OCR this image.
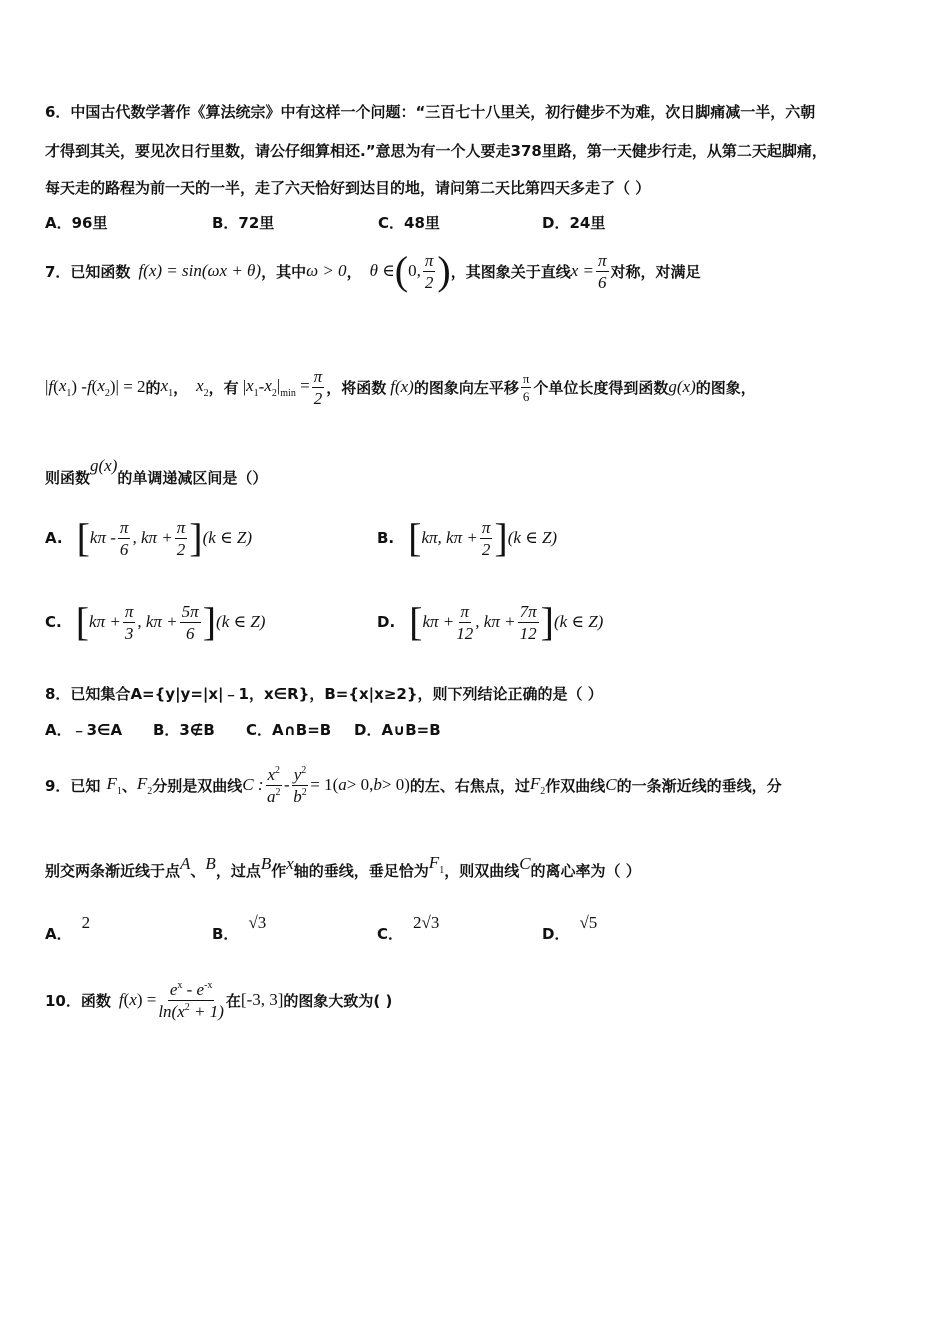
6．中国古代数学著作《算法统宗》中有这样一个问题：“三百七十八里关，初行健步不为难，次日脚痛减一半，六朝
才得到其关，要见次日行里数，请公仔细算相还.”意思为有一个人要走378里路，第一天健步行走，从第二天起脚痛，
每天走的路程为前一天的一半，走了六天恰好到达目的地，请问第二天比第四天多走了（ ）
A．96里	B．72里	C．48里	D．24里
7．已知函数 f(x) = sin(ωx + θ) ，其中 ω > 0 ， θ ∈ ( 0, $\frac{\pi}{2}$ ) ，其图象关于直线 $x = \frac{\pi}{6}$ 对称，对满足
| f ( $x_1$ ) - f ( $x_2$ )| = 2 的 $x_1$ ， $x_2$ ，有 | $x_1 - x_2$ $|_{min} = \frac{\pi}{2}$ ，将函数 f(x) 的图象向左平移 $\frac{\pi}{6}$ 个单位长度得到函数 g(x) 的图象，
则函数
g(x)
的单调递减区间是（）
A. [ kπ - $\frac{\pi}{6}$ , $k\pi + \frac{\pi}{2}$ ] (k ∈ Z)	B. [ kπ, $k\pi + \frac{\pi}{2}$ ] (k ∈ Z)
C. [ $k\pi + \frac{\pi}{3}$ , $k\pi + \frac{5\pi}{6}$ ] (k ∈ Z)	D. [ $k\pi + \frac{\pi}{12}$ , $k\pi + \frac{7\pi}{12}$ ] (k ∈ Z)
8．已知集合A={y|y=|x|﹣1，x∈R}，B={x|x≥2}，则下列结论正确的是（ ）
A．﹣3∈A B．3∉B C．A∩B=B D．A∪B=B
9．已知 $F_1$ 、 $F_2$ 分别是双曲线 C : $\frac{x^2}{a^2} - \frac{y^2}{b^2} = 1$( a > 0, b > 0) 的左、右焦点，过 $F_2$ 作双曲线 C 的一条渐近线的垂线，分
别交两条渐近线于点 A 、 B ，过点 B 作 x 轴的垂线，垂足恰为 $F_1$ ，则双曲线 C 的离心率为（ ）
A．
2
B．
√3
C．
2√3
D．
√5
10．函数 f ( x ) = $\frac{e^x - e^{-x}}{\ln(x^2 + 1)}$ 在 [-3, 3] 的图象大致为( )
